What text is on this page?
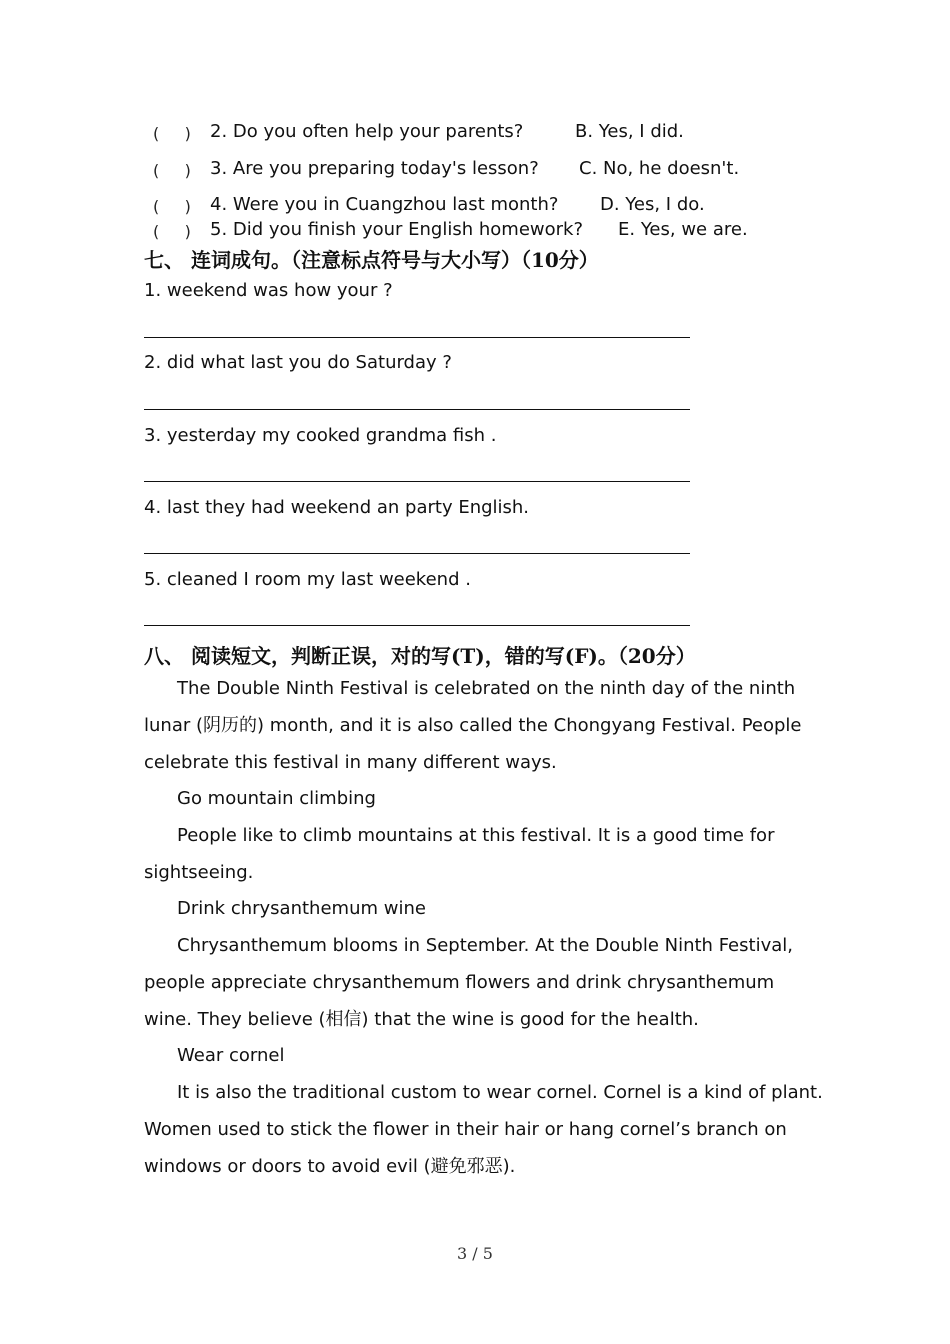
(     ) 2. Do you often help your parents?	B. Yes, I did.
(     ) 3. Are you preparing today's lesson? C. No, he doesn't.
(     ) 4. Were you in Cuangzhou last month? D. Yes, I do.
(     ) 5. Did you finish your English homework? E. Yes, we are.
七、 连词成句。（注意标点符号与大小写）（10分）
1. weekend was how your ?
2. did what last you do Saturday ?
3. yesterday my cooked grandma fish .
4. last they had weekend an party English.
5. cleaned I room my last weekend .
八、 阅读短文，判断正误，对的写(T)，错的写(F)。（20分）

The Double Ninth Festival is celebrated on the ninth day of the ninth lunar (阴历的) month, and it is also called the Chongyang Festival. People celebrate this festival in many different ways.

Go mountain climbing

People like to climb mountains at this festival. It is a good time for sightseeing.

Drink chrysanthemum wine

Chrysanthemum blooms in September. At the Double Ninth Festival, people appreciate chrysanthemum flowers and drink chrysanthemum wine. They believe (相信) that the wine is good for the health.

Wear cornel

It is also the traditional custom to wear cornel. Cornel is a kind of plant. Women used to stick the flower in their hair or hang cornel’s branch on windows or doors to avoid evil (避免邪恶).

3 / 5
